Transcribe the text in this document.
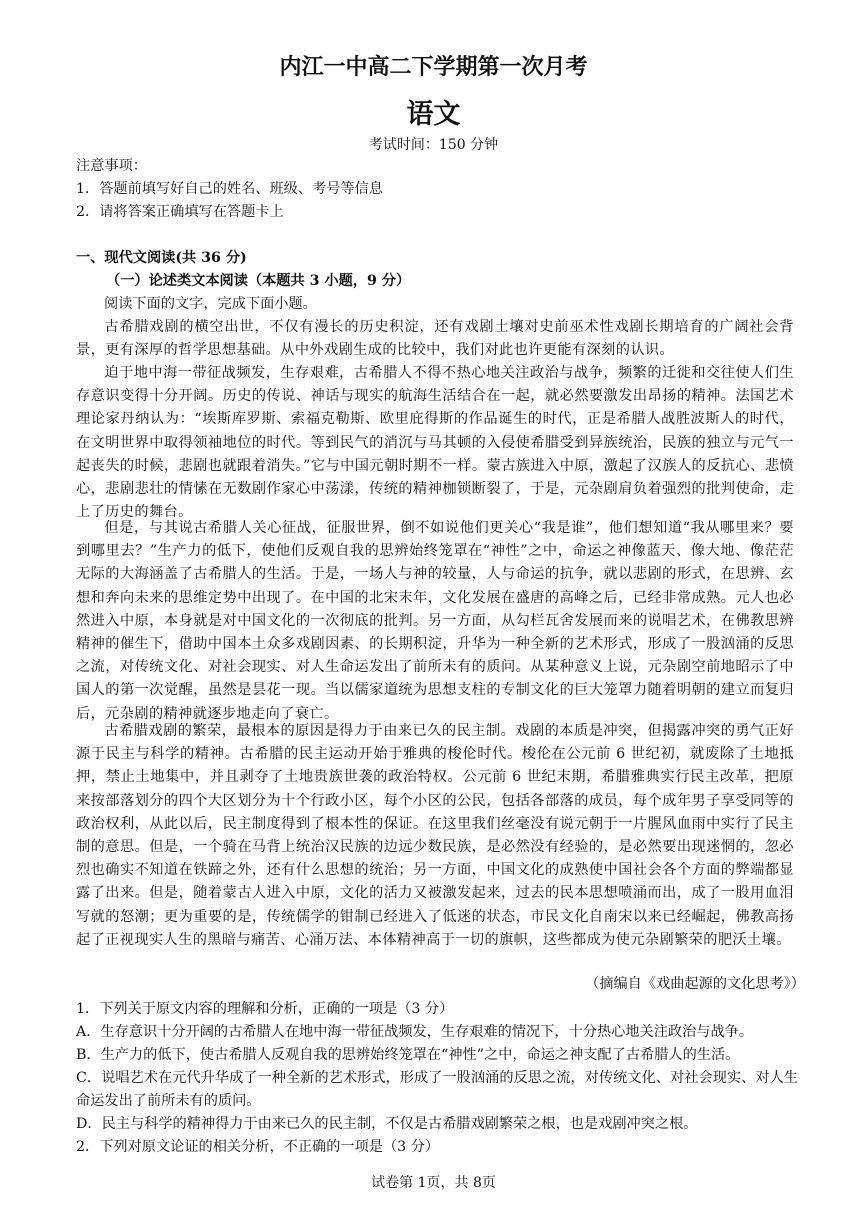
内江一中高二下学期第一次月考
语文
考试时间：150 分钟
注意事项：
1．答题前填写好自己的姓名、班级、考号等信息
2．请将答案正确填写在答题卡上
一、现代文阅读(共 36 分)
（一）论述类文本阅读（本题共 3 小题，9 分）
阅读下面的文字，完成下面小题。
古希腊戏剧的横空出世，不仅有漫长的历史积淀，还有戏剧土壤对史前巫术性戏剧长期培育的广阔社会背景，更有深厚的哲学思想基础。从中外戏剧生成的比较中，我们对此也许更能有深刻的认识。
迫于地中海一带征战频发，生存艰难，古希腊人不得不热心地关注政治与战争，频繁的迁徙和交往使人们生存意识变得十分开阔。历史的传说、神话与现实的航海生活结合在一起，就必然要激发出昂扬的精神。法国艺术理论家丹纳认为：“埃斯库罗斯、索福克勒斯、欧里庇得斯的作品诞生的时代，正是希腊人战胜波斯人的时代，在文明世界中取得领袖地位的时代。等到民气的消沉与马其顿的入侵使希腊受到异族统治，民族的独立与元气一起丧失的时候，悲剧也就跟着消失。”它与中国元朝时期不一样。蒙古族进入中原，激起了汉族人的反抗心、悲愤心，悲剧悲壮的情愫在无数剧作家心中荡漾，传统的精神枷锁断裂了，于是，元杂剧肩负着强烈的批判使命，走上了历史的舞台。
但是，与其说古希腊人关心征战，征服世界，倒不如说他们更关心“我是谁”，他们想知道“我从哪里来？要到哪里去？”生产力的低下，使他们反观自我的思辨始终笼罩在“神性”之中，命运之神像蓝天、像大地、像茫茫无际的大海涵盖了古希腊人的生活。于是，一场人与神的较量，人与命运的抗争，就以悲剧的形式，在思辨、玄想和奔向未来的思维定势中出现了。在中国的北宋末年，文化发展在盛唐的高峰之后，已经非常成熟。元人也必然进入中原，本身就是对中国文化的一次彻底的批判。另一方面，从勾栏瓦舍发展而来的说唱艺术，在佛教思辨精神的催生下，借助中国本土众多戏剧因素、的长期积淀，升华为一种全新的艺术形式，形成了一股汹涌的反思之流，对传统文化、对社会现实、对人生命运发出了前所未有的质问。从某种意义上说，元杂剧空前地昭示了中国人的第一次觉醒，虽然是昙花一现。当以儒家道统为思想支柱的专制文化的巨大笼罩力随着明朝的建立而复归后，元杂剧的精神就逐步地走向了衰亡。
古希腊戏剧的繁荣，最根本的原因是得力于由来已久的民主制。戏剧的本质是冲突，但揭露冲突的勇气正好源于民主与科学的精神。古希腊的民主运动开始于雅典的梭伦时代。梭伦在公元前 6 世纪初，就废除了土地抵押，禁止土地集中，并且剥夺了土地贵族世袭的政治特权。公元前 6 世纪末期，希腊雅典实行民主改革，把原来按部落划分的四个大区划分为十个行政小区，每个小区的公民，包括各部落的成员，每个成年男子享受同等的政治权利，从此以后，民主制度得到了根本性的保证。在这里我们丝毫没有说元朝于一片腥风血雨中实行了民主制的意思。但是，一个骑在马背上统治汉民族的边远少数民族，是必然没有经验的，是必然要出现迷惘的，忽必烈也确实不知道在铁蹄之外，还有什么思想的统治；另一方面，中国文化的成熟使中国社会各个方面的弊端都显露了出来。但是，随着蒙古人进入中原，文化的活力又被激发起来，过去的民本思想喷涌而出，成了一股用血泪写就的怒潮；更为重要的是，传统儒学的钳制已经进入了低迷的状态，市民文化自南宋以来已经崛起，佛教高扬起了正视现实人生的黑暗与痛苦、心涌万法、本体精神高于一切的旗帜，这些都成为使元杂剧繁荣的肥沃土壤。
（摘编自《戏曲起源的文化思考》）
1．下列关于原文内容的理解和分析，正确的一项是（3 分）
A．生存意识十分开阔的古希腊人在地中海一带征战频发，生存艰难的情况下，十分热心地关注政治与战争。
B．生产力的低下，使古希腊人反观自我的思辨始终笼罩在“神性”之中，命运之神支配了古希腊人的生活。
C．说唱艺术在元代升华成了一种全新的艺术形式，形成了一股汹涌的反思之流，对传统文化、对社会现实、对人生命运发出了前所未有的质问。
D．民主与科学的精神得力于由来已久的民主制，不仅是古希腊戏剧繁荣之根，也是戏剧冲突之根。
2．下列对原文论证的相关分析，不正确的一项是（3 分）
试卷第 1页，共 8页
